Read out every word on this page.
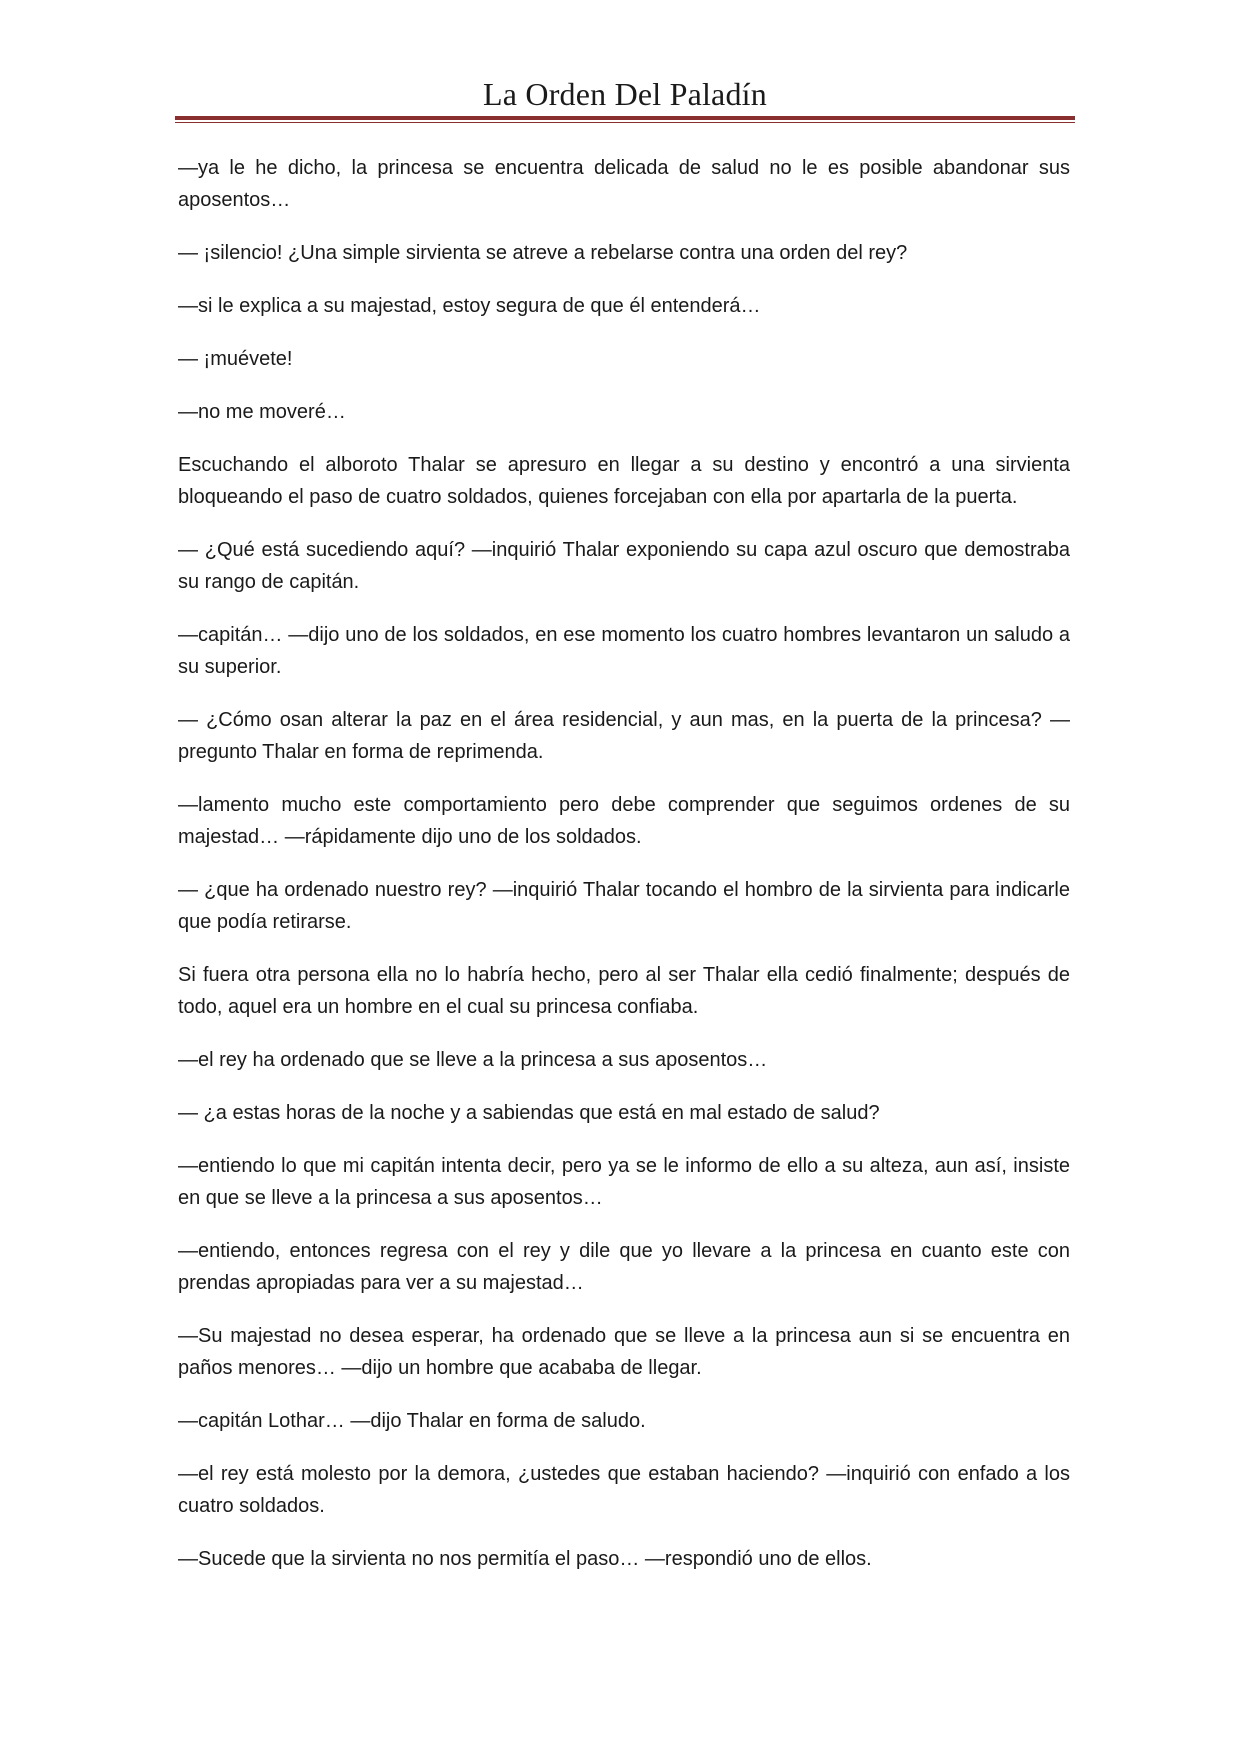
La Orden Del Paladín

—ya le he dicho, la princesa se encuentra delicada de salud no le es posible abandonar sus aposentos…

— ¡silencio! ¿Una simple sirvienta se atreve a rebelarse contra una orden del rey?

—si le explica a su majestad, estoy segura de que él entenderá…

— ¡muévete!

—no me moveré…

Escuchando el alboroto Thalar se apresuro en llegar a su destino y encontró a una sirvienta bloqueando el paso de cuatro soldados, quienes forcejaban con ella por apartarla de la puerta.

— ¿Qué está sucediendo aquí? —inquirió Thalar exponiendo su capa azul oscuro que demostraba su rango de capitán.

—capitán… —dijo uno de los soldados, en ese momento los cuatro hombres levantaron un saludo a su superior.

— ¿Cómo osan alterar la paz en el área residencial, y aun mas, en la puerta de la princesa? —pregunto Thalar en forma de reprimenda.

—lamento mucho este comportamiento pero debe comprender que seguimos ordenes de su majestad… —rápidamente dijo uno de los soldados.

— ¿que ha ordenado nuestro rey? —inquirió Thalar tocando el hombro de la sirvienta para indicarle que podía retirarse.

Si fuera otra persona ella no lo habría hecho, pero al ser Thalar ella cedió finalmente; después de todo, aquel era un hombre en el cual su princesa confiaba.

—el rey ha ordenado que se lleve a la princesa a sus aposentos…

— ¿a estas horas de la noche y a sabiendas que está en mal estado de salud?

—entiendo lo que mi capitán intenta decir, pero ya se le informo de ello a su alteza, aun así, insiste en que se lleve a la princesa a sus aposentos…

—entiendo, entonces regresa con el rey y dile que yo llevare a la princesa en cuanto este con prendas apropiadas para ver a su majestad…

—Su majestad no desea esperar, ha ordenado que se lleve a la princesa aun si se encuentra en paños menores… —dijo un hombre que acababa de llegar.

—capitán Lothar… —dijo Thalar en forma de saludo.

—el rey está molesto por la demora, ¿ustedes que estaban haciendo? —inquirió con enfado a los cuatro soldados.

—Sucede que la sirvienta no nos permitía el paso… —respondió uno de ellos.
